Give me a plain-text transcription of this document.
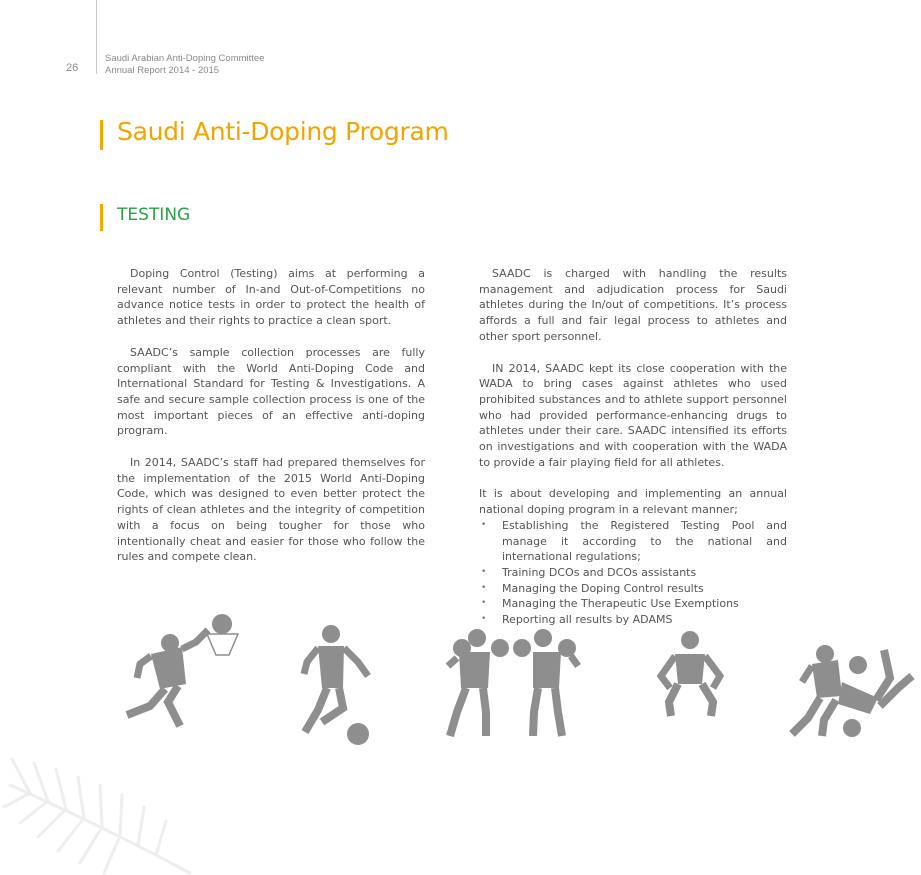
26
Saudi Arabian Anti-Doping Committee
Annual Report 2014 - 2015
Saudi Anti-Doping Program
TESTING

Doping Control (Testing) aims at performing a relevant number of In-and Out-of-Competitions no advance notice tests in order to protect the health of athletes and their rights to practice a clean sport.

SAADC’s sample collection processes are fully compliant with the World Anti-Doping Code and International Standard for Testing & Investigations. A safe and secure sample collection process is one of the most important pieces of an effective anti-doping program.

In 2014, SAADC’s staff had prepared themselves for the implementation of the 2015 World Anti-Doping Code, which was designed to even better protect the rights of clean athletes and the integrity of competition with a focus on being tougher for those who intentionally cheat and easier for those who follow the rules and compete clean.

SAADC is charged with handling the results management and adjudication process for Saudi athletes during the In/out of competitions. It’s process affords a full and fair legal process to athletes and other sport personnel.

IN 2014, SAADC kept its close cooperation with the WADA to bring cases against athletes who used prohibited substances and to athlete support personnel who had provided performance-enhancing drugs to athletes under their care. SAADC intensified its efforts on investigations and with cooperation with the WADA to provide a fair playing field for all athletes.

It is about developing and implementing an annual national doping program in a relevant manner;

• Establishing the Registered Testing Pool and manage it according to the national and international regulations;
• Training DCOs and DCOs assistants
• Managing the Doping Control results
• Managing the Therapeutic Use Exemptions
• Reporting all results by ADAMS
